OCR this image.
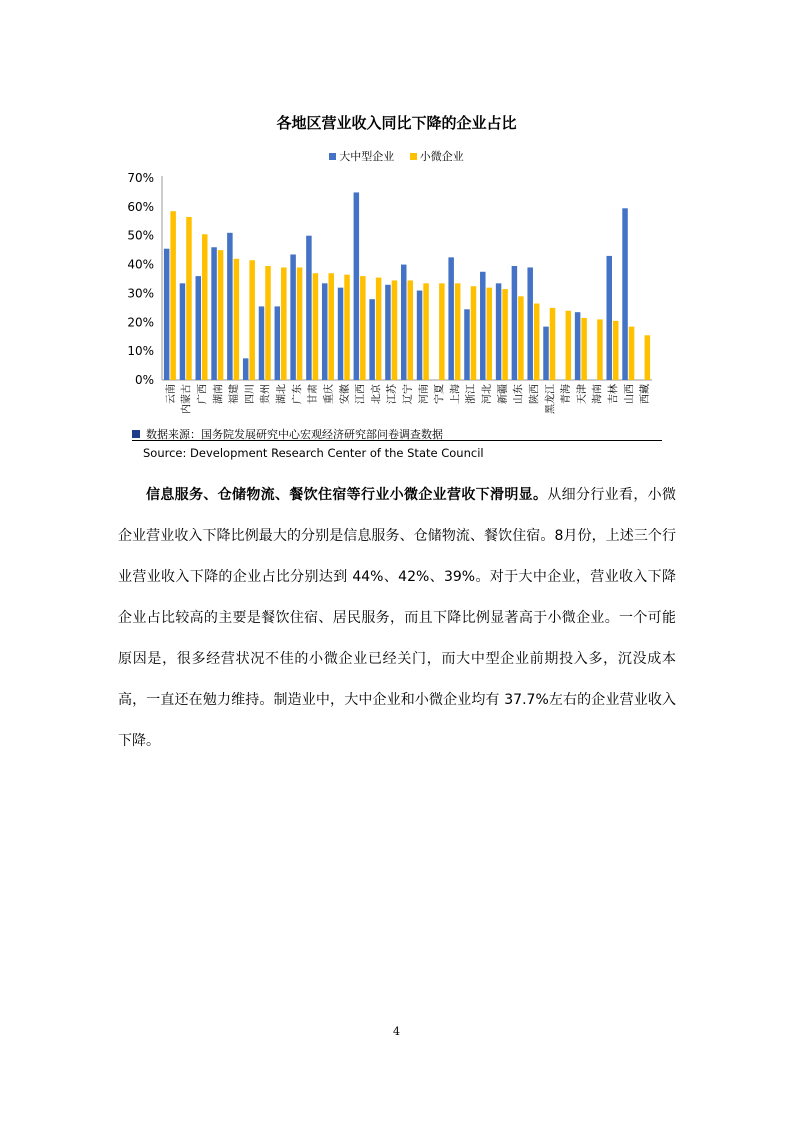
各地区营业收入同比下降的企业占比
大中型企业
小微企业
0%
10%
20%
30%
40%
50%
60%
70%
云南 内蒙古 广西 湖南 福建 四川 贵州 湖北 广东 甘肃 重庆 安徽 江西 北京 江苏 辽宁 河南 宁夏 上海 浙江 河北 新疆 山东 陕西 黑龙江 青海 天津 海南 吉林 山西 西藏
数据来源：国务院发展研究中心宏观经济研究部问卷调查数据
Source: Development Research Center of the State Council

信息服务、仓储物流、餐饮住宿等行业小微企业营收下滑明显。从细分行业看，小微企业营业收入下降比例最大的分别是信息服务、仓储物流、餐饮住宿。8月份，上述三个行业营业收入下降的企业占比分别达到 44%、42%、39%。对于大中企业，营业收入下降企业占比较高的主要是餐饮住宿、居民服务，而且下降比例显著高于小微企业。一个可能原因是，很多经营状况不佳的小微企业已经关门，而大中型企业前期投入多，沉没成本高，一直还在勉力维持。制造业中，大中企业和小微企业均有 37.7%左右的企业营业收入下降。

4
